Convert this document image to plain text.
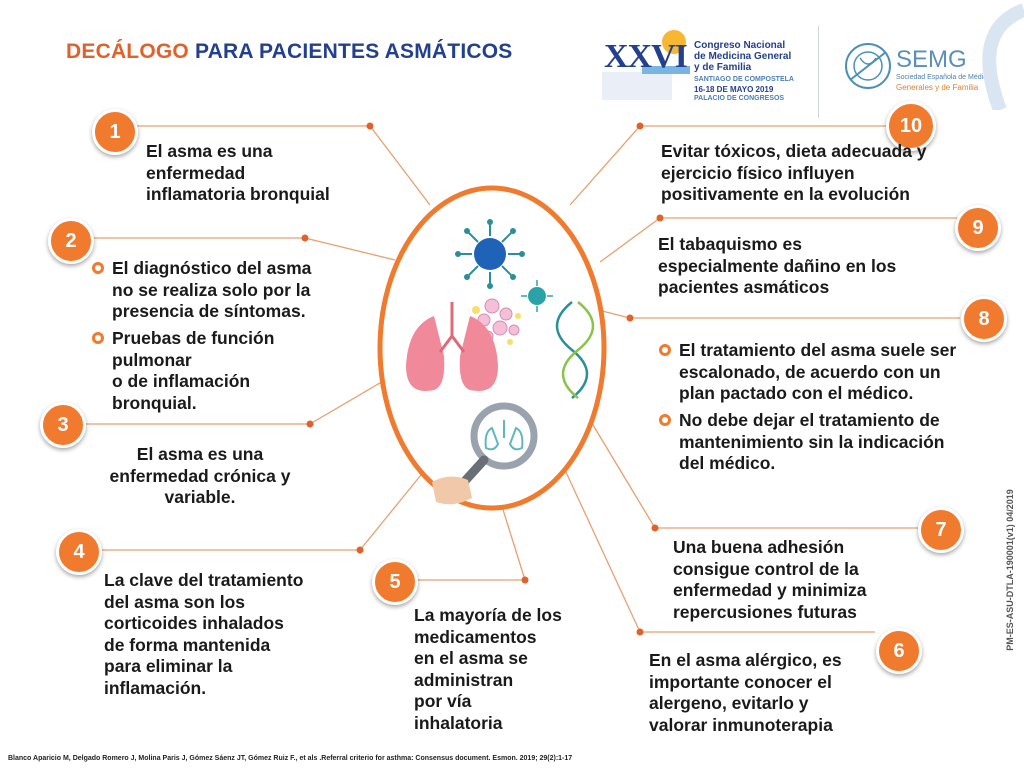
DECÁLOGO PARA PACIENTES ASMÁTICOS	XXVI Congreso Nacional
de Medicina General
y de Familia
SANTIAGO DE COMPOSTELA
16-18 DE MAYO 2019
PALACIO DE CONGRESOS
SEMG
Sociedad Española de Médicos
Generales y de Familia
1
El asma es una
enfermedad
inflamatoria bronquial
2
El diagnóstico del asma
no se realiza solo por la
presencia de síntomas.
Pruebas de función
pulmonar
o de inflamación
bronquial.
3
El asma es una
enfermedad crónica y
variable.
4
La clave del tratamiento
del asma son los
corticoides inhalados
de forma mantenida
para eliminar la
inflamación.
5
La mayoría de los
medicamentos
en el asma se
administran
por vía
inhalatoria
6
En el asma alérgico, es
importante conocer el
alergeno, evitarlo y
valorar inmunoterapia
7
Una buena adhesión
consigue control de la
enfermedad y minimiza
repercusiones futuras
8
El tratamiento del asma suele ser
escalonado, de acuerdo con un
plan pactado con el médico.
No debe dejar el tratamiento de
mantenimiento sin la indicación
del médico.
9
El tabaquismo es
especialmente dañino en los
pacientes asmáticos
10
Evitar tóxicos, dieta adecuada y
ejercicio físico influyen
positivamente en la evolución
Blanco Aparicio M, Delgado Romero J, Molina Paris J, Gómez Sáenz JT, Gómez Ruiz F., et als .Referral criterio for asthma: Consensus document. Esmon. 2019; 29(2):1-17
PM-ES-ASU-DTLA-190001(v1) 04/2019
